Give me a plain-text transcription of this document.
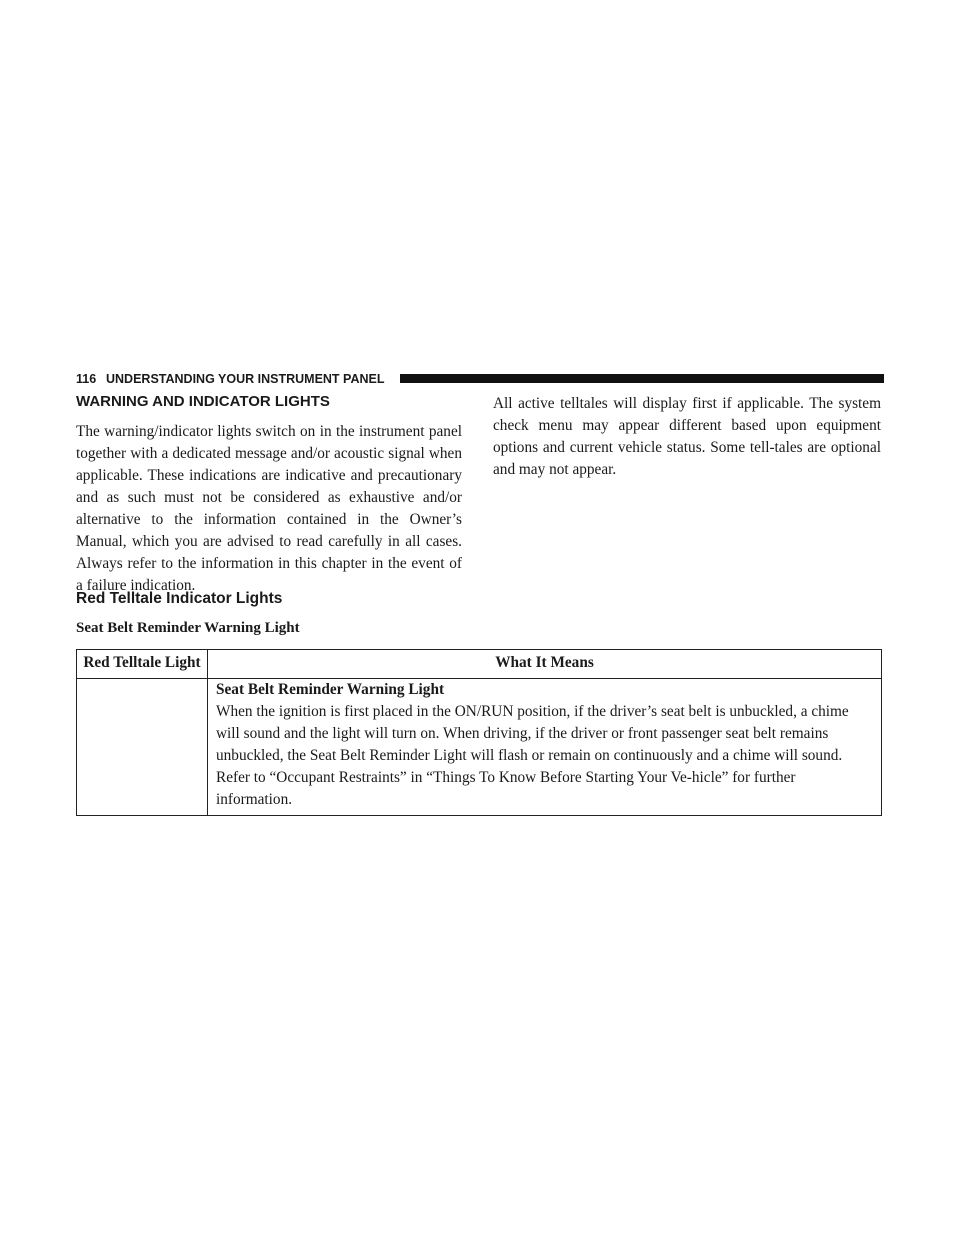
116 UNDERSTANDING YOUR INSTRUMENT PANEL
WARNING AND INDICATOR LIGHTS

The warning/indicator lights switch on in the instrument panel together with a dedicated message and/or acoustic signal when applicable. These indications are indicative and precautionary and as such must not be considered as exhaustive and/or alternative to the information contained in the Owner’s Manual, which you are advised to read carefully in all cases. Always refer to the information in this chapter in the event of a failure indication.

All active telltales will display first if applicable. The system check menu may appear different based upon equipment options and current vehicle status. Some tell-tales are optional and may not appear.

Red Telltale Indicator Lights
Seat Belt Reminder Warning Light
Red Telltale Light	What It Means

	Seat Belt Reminder Warning Light
When the ignition is first placed in the ON/RUN position, if the driver’s seat belt is unbuckled, a chime will sound and the light will turn on. When driving, if the driver or front passenger seat belt remains unbuckled, the Seat Belt Reminder Light will flash or remain on continuously and a chime will sound. Refer to “Occupant Restraints” in “Things To Know Before Starting Your Ve-hicle” for further information.
